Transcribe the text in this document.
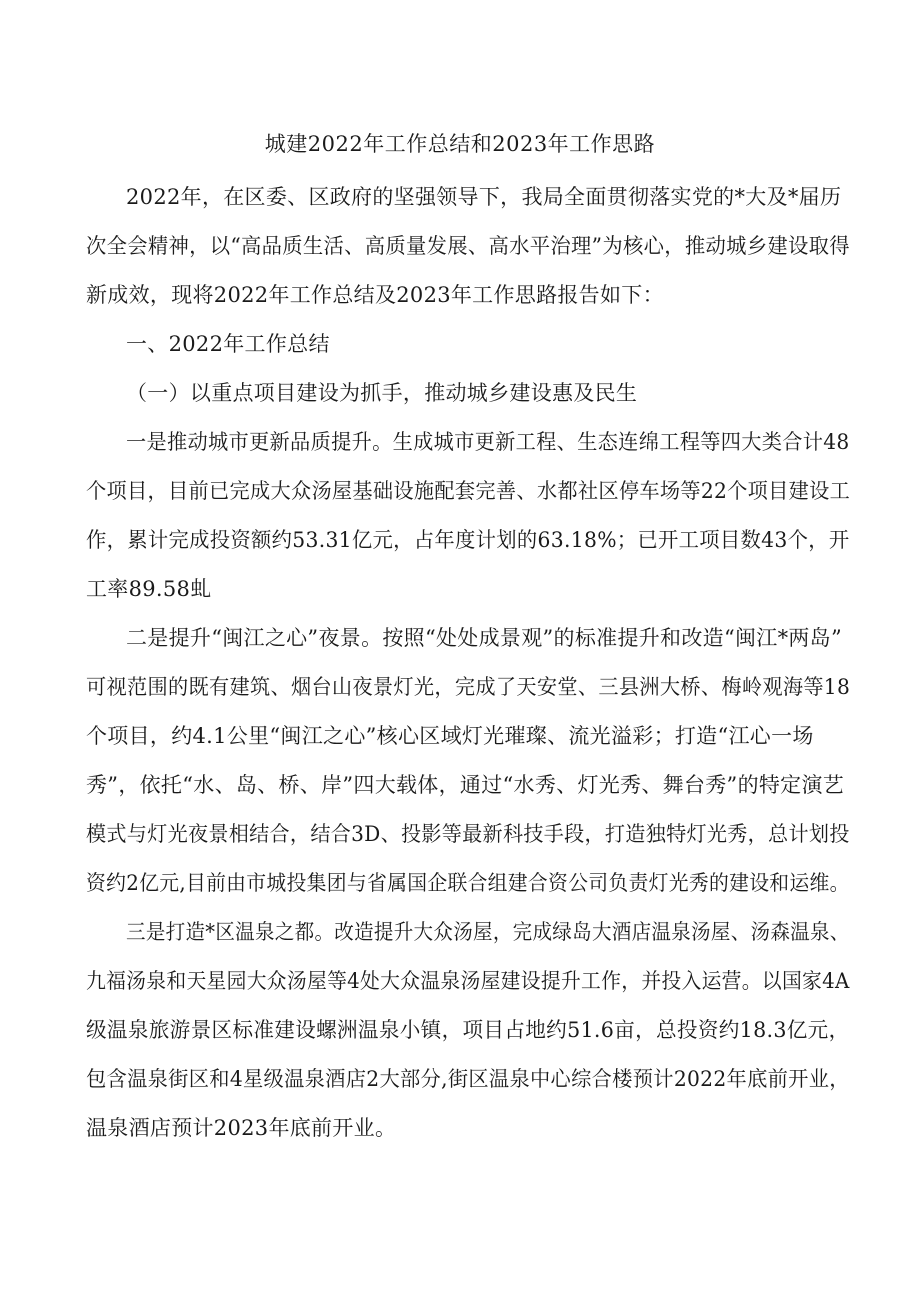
城建2022年工作总结和2023年工作思路
2022年，在区委、区政府的坚强领导下，我局全面贯彻落实党的*大及*届历
次全会精神，以“高品质生活、高质量发展、高水平治理”为核心，推动城乡建设取得
新成效，现将2022年工作总结及2023年工作思路报告如下：
一、2022年工作总结
（一）以重点项目建设为抓手，推动城乡建设惠及民生
一是推动城市更新品质提升。生成城市更新工程、生态连绵工程等四大类合计48
个项目，目前已完成大众汤屋基础设施配套完善、水都社区停车场等22个项目建设工
作，累计完成投资额约53.31亿元，占年度计划的63.18%；已开工项目数43个，开
工率89.58虬
二是提升“闽江之心”夜景。按照“处处成景观”的标准提升和改造“闽江*两岛”
可视范围的既有建筑、烟台山夜景灯光，完成了天安堂、三县洲大桥、梅岭观海等18
个项目，约4.1公里“闽江之心”核心区域灯光璀璨、流光溢彩；打造“江心一场
秀”，依托“水、岛、桥、岸”四大载体，通过“水秀、灯光秀、舞台秀”的特定演艺
模式与灯光夜景相结合，结合3D、投影等最新科技手段，打造独特灯光秀，总计划投
资约2亿元,目前由市城投集团与省属国企联合组建合资公司负责灯光秀的建设和运维。
三是打造*区温泉之都。改造提升大众汤屋，完成绿岛大酒店温泉汤屋、汤森温泉、
九福汤泉和天星园大众汤屋等4处大众温泉汤屋建设提升工作，并投入运营。以国家4A
级温泉旅游景区标准建设螺洲温泉小镇，项目占地约51.6亩，总投资约18.3亿元，
包含温泉街区和4星级温泉酒店2大部分,街区温泉中心综合楼预计2022年底前开业，
温泉酒店预计2023年底前开业。
